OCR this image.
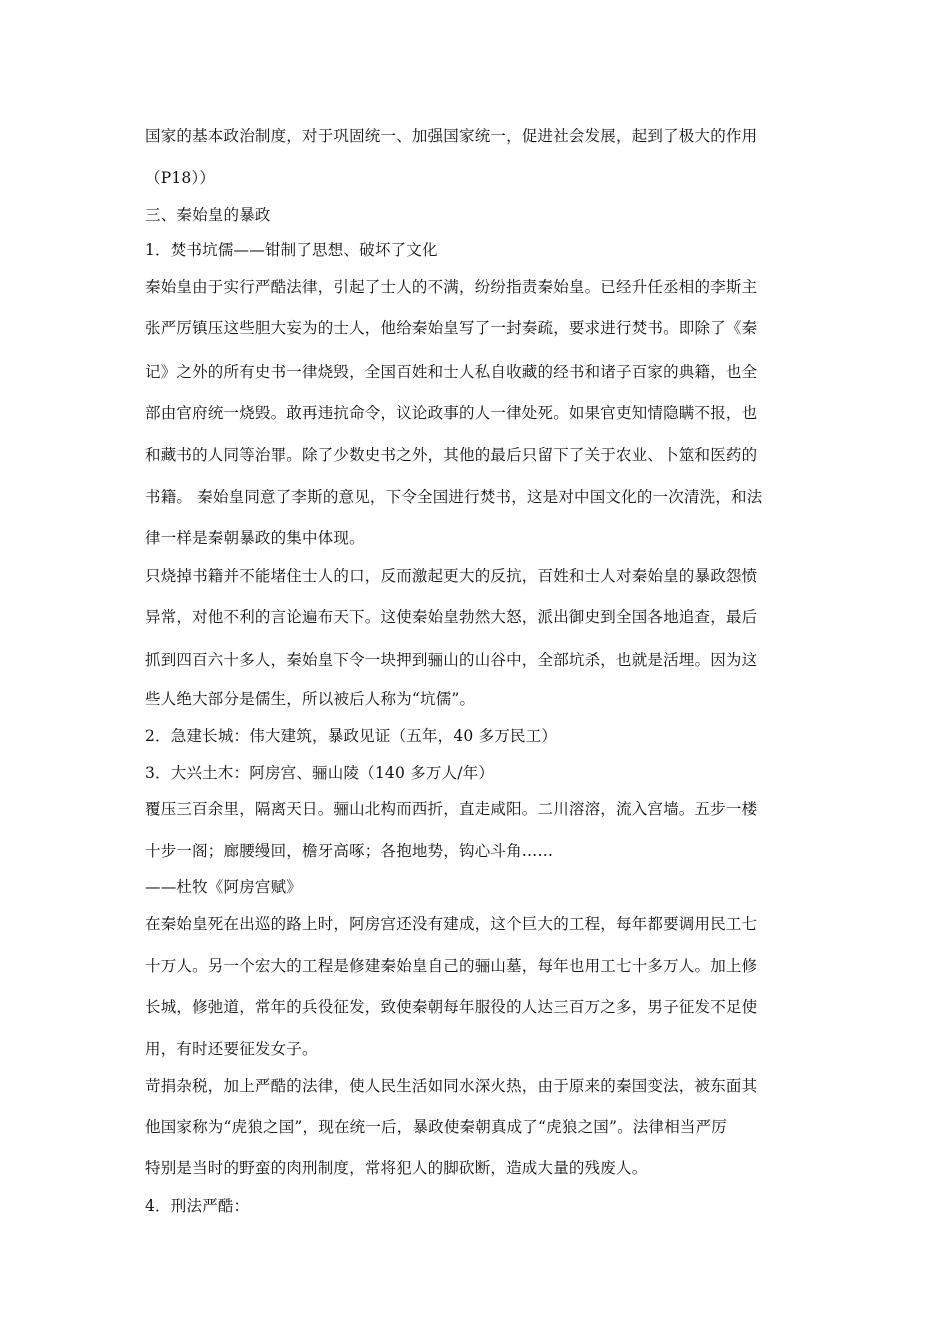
国家的基本政治制度，对于巩固统一、加强国家统一，促进社会发展，起到了极大的作用
（P18））
三、秦始皇的暴政
1．焚书坑儒——钳制了思想、破坏了文化
秦始皇由于实行严酷法律，引起了士人的不满，纷纷指责秦始皇。已经升任丞相的李斯主
张严厉镇压这些胆大妄为的士人，他给秦始皇写了一封奏疏，要求进行焚书。即除了《秦
记》之外的所有史书一律烧毁，全国百姓和士人私自收藏的经书和诸子百家的典籍，也全
部由官府统一烧毁。敢再违抗命令，议论政事的人一律处死。如果官吏知情隐瞒不报，也
和藏书的人同等治罪。除了少数史书之外，其他的最后只留下了关于农业、卜筮和医药的
书籍。 秦始皇同意了李斯的意见，下令全国进行焚书，这是对中国文化的一次清洗，和法
律一样是秦朝暴政的集中体现。
只烧掉书籍并不能堵住士人的口，反而激起更大的反抗，百姓和士人对秦始皇的暴政怨愤
异常，对他不利的言论遍布天下。这使秦始皇勃然大怒，派出御史到全国各地追查，最后
抓到四百六十多人，秦始皇下令一块押到骊山的山谷中，全部坑杀，也就是活埋。因为这
些人绝大部分是儒生，所以被后人称为“坑儒”。
2．急建长城：伟大建筑，暴政见证（五年，40 多万民工）
3．大兴土木：阿房宫、骊山陵（140 多万人/年）
覆压三百余里，隔离天日。骊山北构而西折，直走咸阳。二川溶溶，流入宫墙。五步一楼
十步一阁；廊腰缦回，檐牙高啄；各抱地势，钩心斗角……
——杜牧《阿房宫赋》
在秦始皇死在出巡的路上时，阿房宫还没有建成，这个巨大的工程，每年都要调用民工七
十万人。另一个宏大的工程是修建秦始皇自己的骊山墓，每年也用工七十多万人。加上修
长城，修弛道，常年的兵役征发，致使秦朝每年服役的人达三百万之多，男子征发不足使
用，有时还要征发女子。
苛捐杂税，加上严酷的法律，使人民生活如同水深火热，由于原来的秦国变法，被东面其
他国家称为“虎狼之国”，现在统一后，暴政使秦朝真成了“虎狼之国”。法律相当严厉
特别是当时的野蛮的肉刑制度，常将犯人的脚砍断，造成大量的残废人。
4．刑法严酷：
